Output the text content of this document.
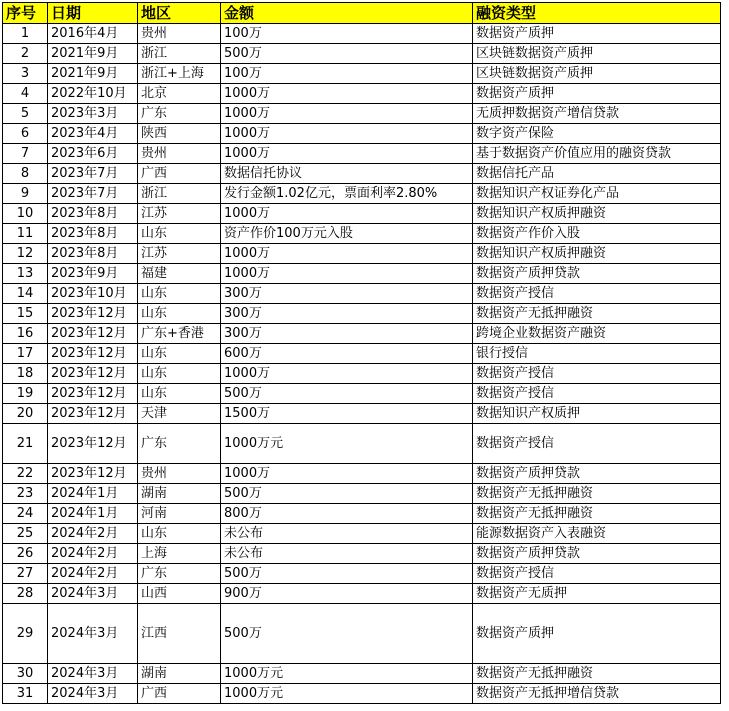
序号	日期	地区	金额	融资类型
1	2016年4月	贵州	100万	数据资产质押
2	2021年9月	浙江	500万	区块链数据资产质押
3	2021年9月	浙江+上海	100万	区块链数据资产质押
4	2022年10月	北京	1000万	数据资产质押
5	2023年3月	广东	1000万	无质押数据资产增信贷款
6	2023年4月	陕西	1000万	数字资产保险
7	2023年6月	贵州	1000万	基于数据资产价值应用的融资贷款
8	2023年7月	广西	数据信托协议	数据信托产品
9	2023年7月	浙江	发行金额1.02亿元，票面利率2.80%	数据知识产权证券化产品
10	2023年8月	江苏	1000万	数据知识产权质押融资
11	2023年8月	山东	资产作价100万元入股	数据资产作价入股
12	2023年8月	江苏	1000万	数据知识产权质押融资
13	2023年9月	福建	1000万	数据资产质押贷款
14	2023年10月	山东	300万	数据资产授信
15	2023年12月	山东	300万	数据资产无抵押融资
16	2023年12月	广东+香港	300万	跨境企业数据资产融资
17	2023年12月	山东	600万	银行授信
18	2023年12月	山东	1000万	数据资产授信
19	2023年12月	山东	500万	数据资产授信
20	2023年12月	天津	1500万	数据知识产权质押
21	2023年12月	广东	1000万元	数据资产授信
22	2023年12月	贵州	1000万	数据资产质押贷款
23	2024年1月	湖南	500万	数据资产无抵押融资
24	2024年1月	河南	800万	数据资产无抵押融资
25	2024年2月	山东	未公布	能源数据资产入表融资
26	2024年2月	上海	未公布	数据资产质押贷款
27	2024年2月	广东	500万	数据资产授信
28	2024年3月	山西	900万	数据资产无质押
29	2024年3月	江西	500万	数据资产质押
30	2024年3月	湖南	1000万元	数据资产无抵押融资
31	2024年3月	广西	1000万元	数据资产无抵押增信贷款
